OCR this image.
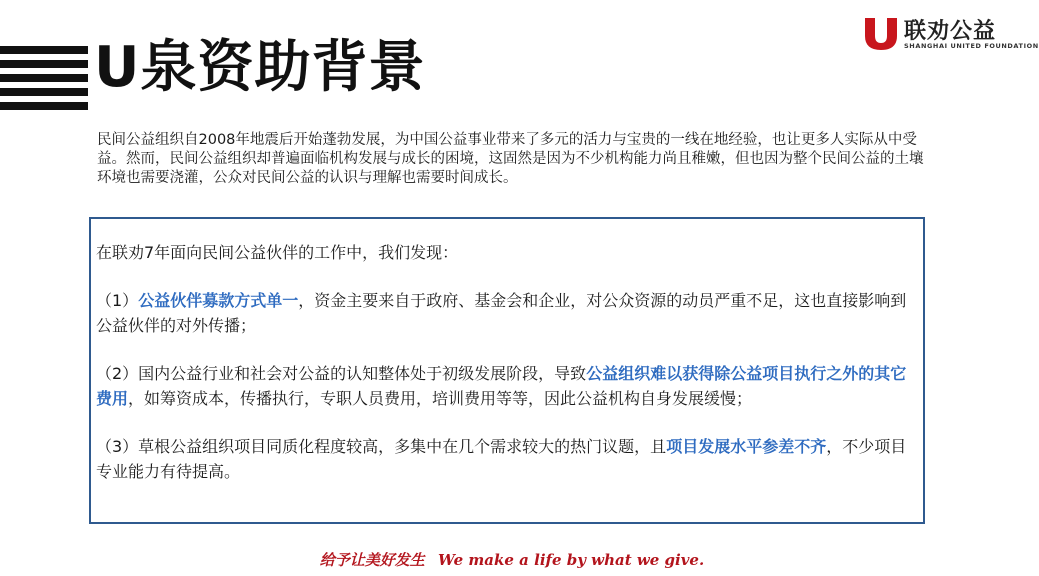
U泉资助背景
联劝公益
SHANGHAI UNITED FOUNDATION
民间公益组织自2008年地震后开始蓬勃发展，为中国公益事业带来了多元的活力与宝贵的一线在地经验，也让更多人实际从中受益。然而，民间公益组织却普遍面临机构发展与成长的困境，这固然是因为不少机构能力尚且稚嫩，但也因为整个民间公益的土壤环境也需要浇灌，公众对民间公益的认识与理解也需要时间成长。

在联劝7年面向民间公益伙伴的工作中，我们发现：

（1）公益伙伴募款方式单一，资金主要来自于政府、基金会和企业，对公众资源的动员严重不足，这也直接影响到公益伙伴的对外传播；

（2）国内公益行业和社会对公益的认知整体处于初级发展阶段，导致公益组织难以获得除公益项目执行之外的其它费用，如筹资成本，传播执行，专职人员费用，培训费用等等，因此公益机构自身发展缓慢；

（3）草根公益组织项目同质化程度较高，多集中在几个需求较大的热门议题，且项目发展水平参差不齐，不少项目专业能力有待提高。

给予让美好发生 We make a life by what we give.
